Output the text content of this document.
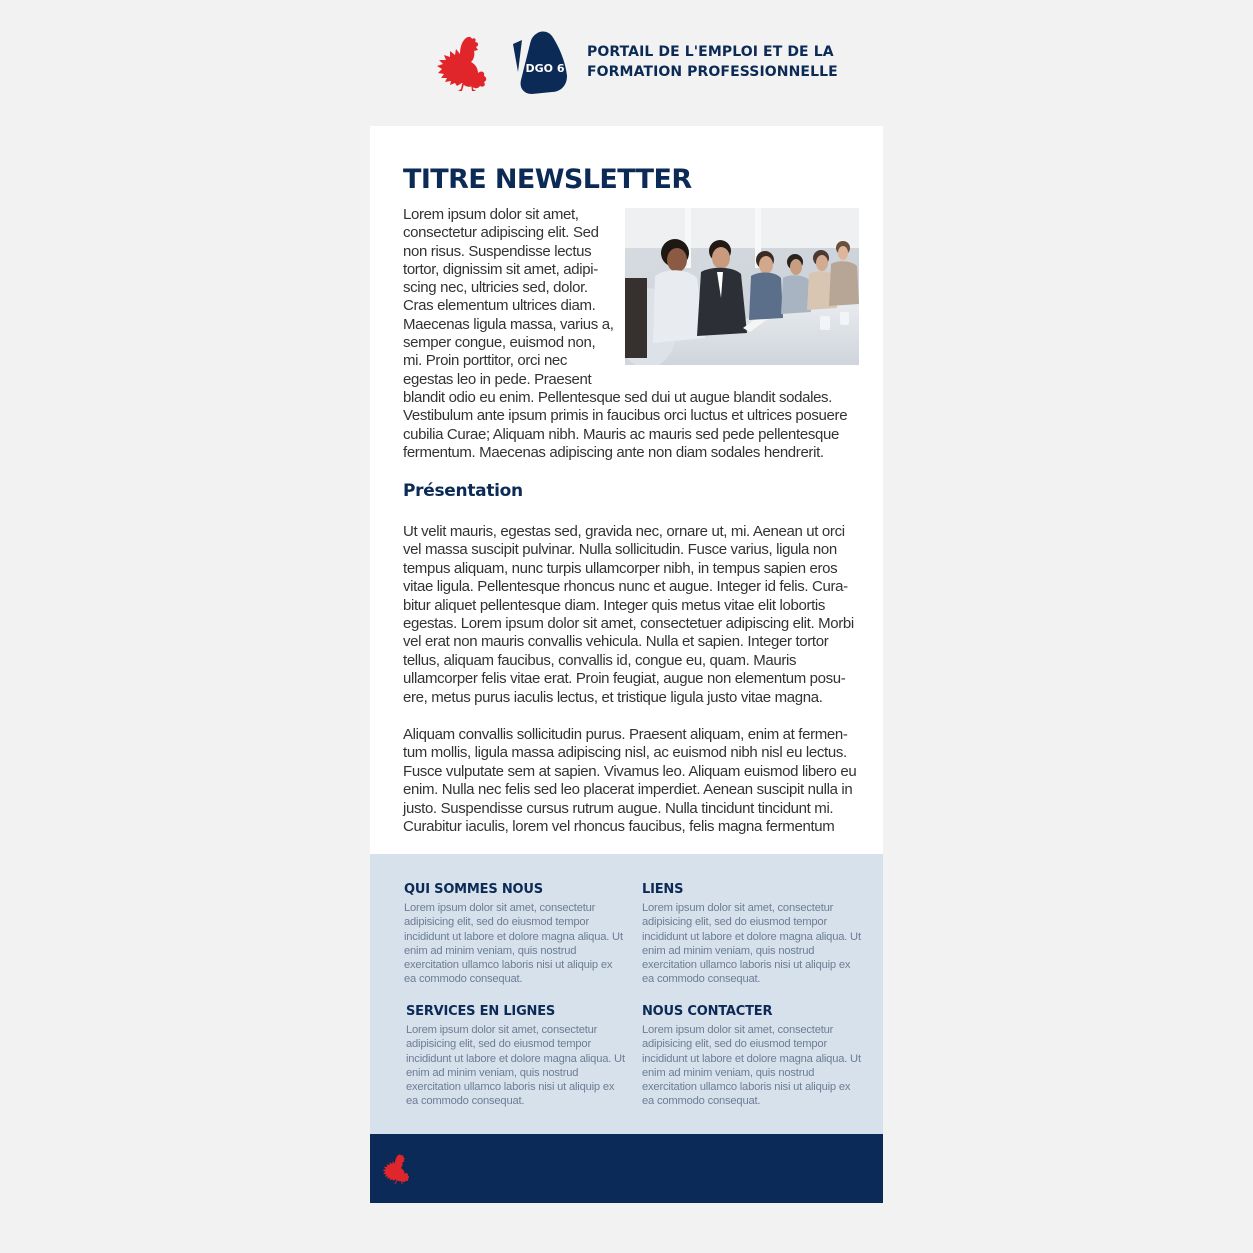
DGO 6
PORTAIL DE L'EMPLOI ET DE LA
FORMATION PROFESSIONNELLE
TITRE NEWSLETTER
Lorem ipsum dolor sit amet, consectetur adipiscing elit. Sed non risus. Suspendisse lectus tortor, dignissim sit amet, adipi-scing nec, ultricies sed, dolor. Cras elementum ultrices diam. Maecenas ligula massa, varius a, semper congue, euismod non, mi. Proin porttitor, orci nec egestas leo in pede. Praesent blandit odio eu enim. Pellentesque sed dui ut augue blandit sodales. Vestibulum ante ipsum primis in faucibus orci luctus et ultrices posuere cubilia Curae; Aliquam nibh. Mauris ac mauris sed pede pellentesque fermentum. Maecenas adipiscing ante non diam sodales hendrerit.
Présentation

Ut velit mauris, egestas sed, gravida nec, ornare ut, mi. Aenean ut orci vel massa suscipit pulvinar. Nulla sollicitudin. Fusce varius, ligula non tempus aliquam, nunc turpis ullamcorper nibh, in tempus sapien eros vitae ligula. Pellentesque rhoncus nunc et augue. Integer id felis. Cura-bitur aliquet pellentesque diam. Integer quis metus vitae elit lobortis egestas. Lorem ipsum dolor sit amet, consectetuer adipiscing elit. Morbi vel erat non mauris convallis vehicula. Nulla et sapien. Integer tortor tellus, aliquam faucibus, convallis id, congue eu, quam. Mauris ullamcorper felis vitae erat. Proin feugiat, augue non elementum posu-ere, metus purus iaculis lectus, et tristique ligula justo vitae magna.

Aliquam convallis sollicitudin purus. Praesent aliquam, enim at fermen-tum mollis, ligula massa adipiscing nisl, ac euismod nibh nisl eu lectus. Fusce vulputate sem at sapien. Vivamus leo. Aliquam euismod libero eu enim. Nulla nec felis sed leo placerat imperdiet. Aenean suscipit nulla in justo. Suspendisse cursus rutrum augue. Nulla tincidunt tincidunt mi. Curabitur iaculis, lorem vel rhoncus faucibus, felis magna fermentum

QUI SOMMES NOUS

Lorem ipsum dolor sit amet, consectetur adipisicing elit, sed do eiusmod tempor incididunt ut labore et dolore magna aliqua. Ut enim ad minim veniam, quis nostrud exercitation ullamco laboris nisi ut aliquip ex ea commodo consequat.

LIENS

Lorem ipsum dolor sit amet, consectetur adipisicing elit, sed do eiusmod tempor incididunt ut labore et dolore magna aliqua. Ut enim ad minim veniam, quis nostrud exercitation ullamco laboris nisi ut aliquip ex ea commodo consequat.

SERVICES EN LIGNES

Lorem ipsum dolor sit amet, consectetur adipisicing elit, sed do eiusmod tempor incididunt ut labore et dolore magna aliqua. Ut enim ad minim veniam, quis nostrud exercitation ullamco laboris nisi ut aliquip ex ea commodo consequat.

NOUS CONTACTER

Lorem ipsum dolor sit amet, consectetur adipisicing elit, sed do eiusmod tempor incididunt ut labore et dolore magna aliqua. Ut enim ad minim veniam, quis nostrud exercitation ullamco laboris nisi ut aliquip ex ea commodo consequat.
